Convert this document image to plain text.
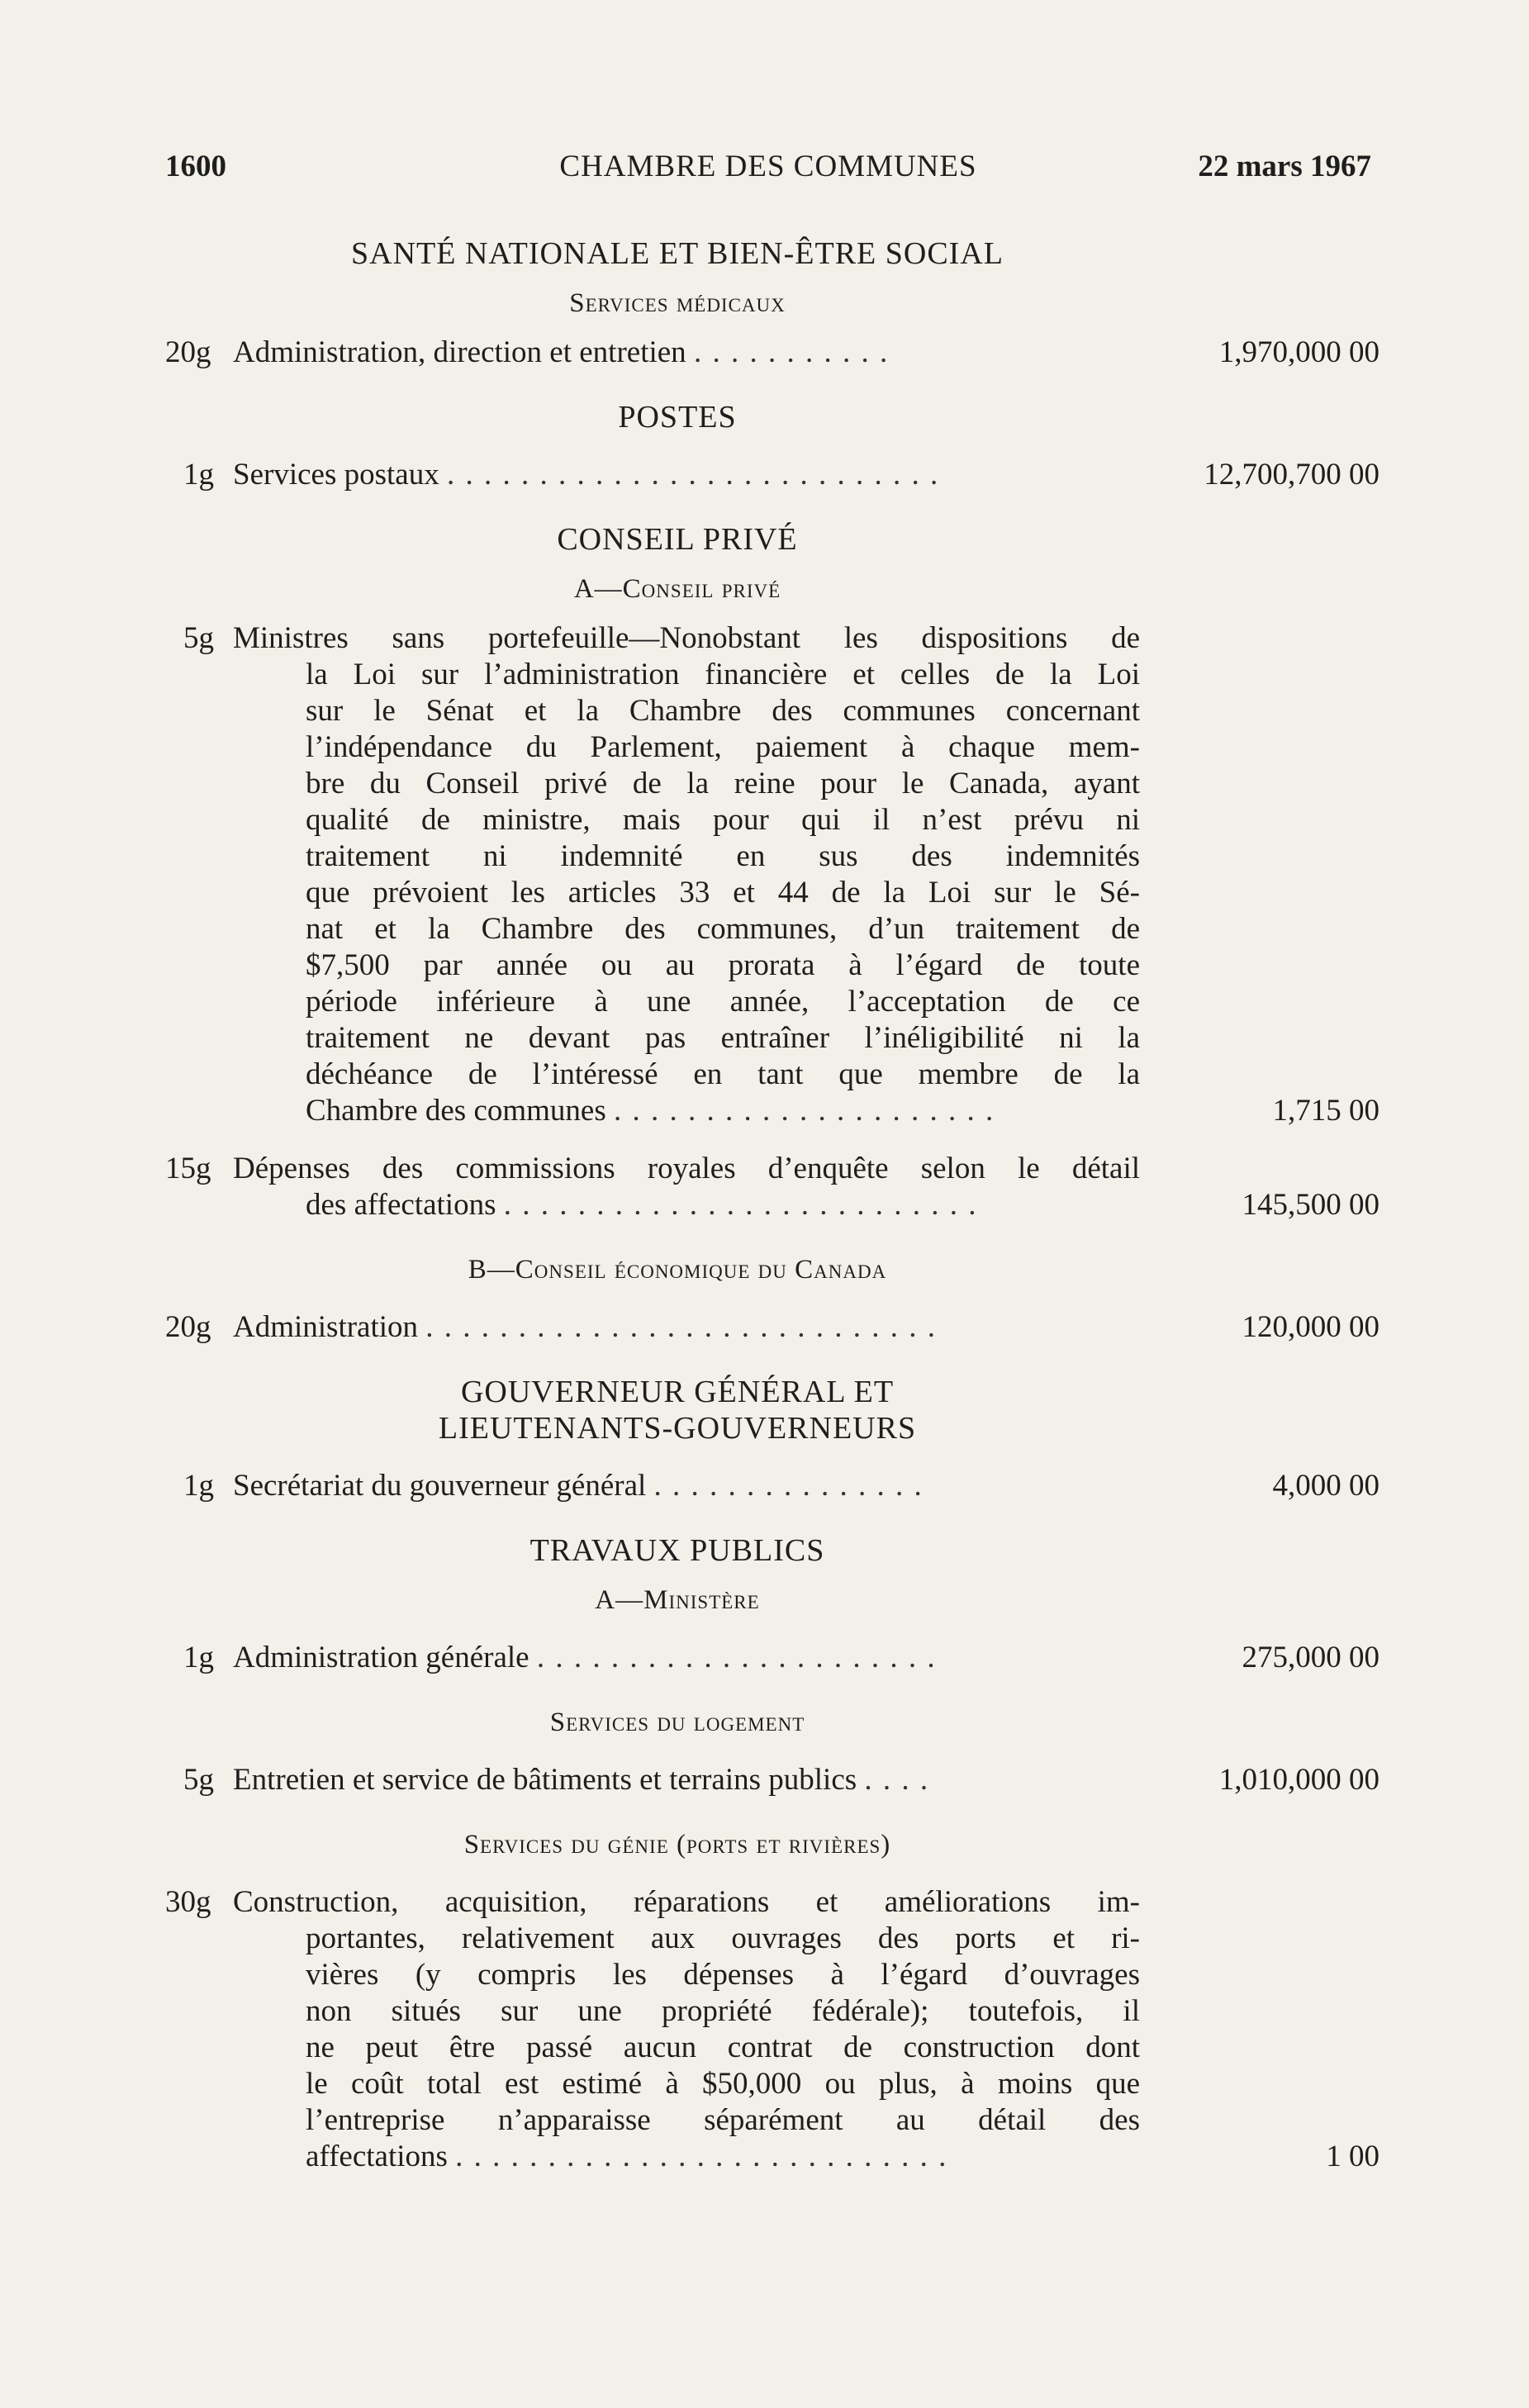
1600	CHAMBRE DES COMMUNES	22 mars 1967
SANTÉ NATIONALE ET BIEN-ÊTRE SOCIAL
Services médicaux
20g Administration, direction et entretien . . . . . . . . . . .	1,970,000 00
POSTES
1g Services postaux . . . . . . . . . . . . . . . . . . . . . . . . . . .	12,700,700 00
CONSEIL PRIVÉ
A—Conseil privé
5g Ministres sans portefeuille—Nonobstant les dispositions de
la Loi sur l’administration financière et celles de la Loi
sur le Sénat et la Chambre des communes concernant
l’indépendance du Parlement, paiement à chaque mem-
bre du Conseil privé de la reine pour le Canada, ayant
qualité de ministre, mais pour qui il n’est prévu ni
traitement ni indemnité en sus des indemnités
que prévoient les articles 33 et 44 de la Loi sur le Sé-
nat et la Chambre des communes, d’un traitement de
$7,500 par année ou au prorata à l’égard de toute
période inférieure à une année, l’acceptation de ce
traitement ne devant pas entraîner l’inéligibilité ni la
déchéance de l’intéressé en tant que membre de la
Chambre des communes . . . . . . . . . . . . . . . . . . . . .	1,715 00
15g Dépenses des commissions royales d’enquête selon le détail
des affectations . . . . . . . . . . . . . . . . . . . . . . . . . .	145,500 00
B—Conseil économique du Canada
20g Administration . . . . . . . . . . . . . . . . . . . . . . . . . . . .	120,000 00
GOUVERNEUR GÉNÉRAL ET
LIEUTENANTS-GOUVERNEURS
1g Secrétariat du gouverneur général . . . . . . . . . . . . . . .	4,000 00
TRAVAUX PUBLICS
A—Ministère
1g Administration générale . . . . . . . . . . . . . . . . . . . . . .	275,000 00
Services du logement
5g Entretien et service de bâtiments et terrains publics . . . .	1,010,000 00
Services du génie (ports et rivières)
30g Construction, acquisition, réparations et améliorations im-
portantes, relativement aux ouvrages des ports et ri-
vières (y compris les dépenses à l’égard d’ouvrages
non situés sur une propriété fédérale); toutefois, il
ne peut être passé aucun contrat de construction dont
le coût total est estimé à $50,000 ou plus, à moins que
l’entreprise n’apparaisse séparément au détail des
affectations . . . . . . . . . . . . . . . . . . . . . . . . . . .	1 00
